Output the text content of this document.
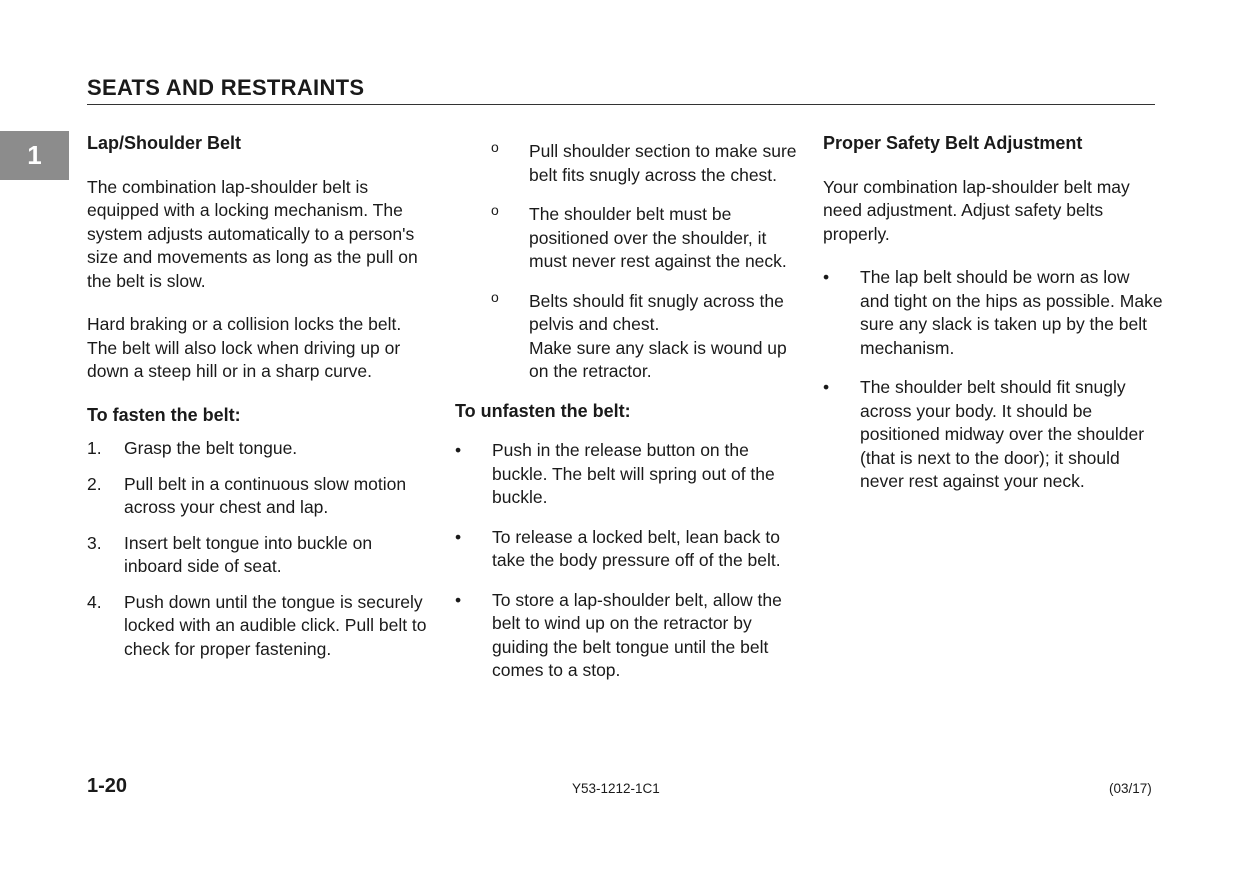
SEATS AND RESTRAINTS
1	Lap/Shoulder Belt
The combination lap-shoulder belt is equipped with a locking mechanism. The system adjusts automatically to a person's size and movements as long as the pull on the belt is slow.
Hard braking or a collision locks the belt. The belt will also lock when driving up or down a steep hill or in a sharp curve.
To fasten the belt:
1.	Grasp the belt tongue.
2.	Pull belt in a continuous slow motion across your chest and lap.
3.	Insert belt tongue into buckle on inboard side of seat.
4.	Push down until the tongue is securely locked with an audible click. Pull belt to check for proper fastening.
o	Pull shoulder section to make sure belt fits snugly across the chest.
o	The shoulder belt must be positioned over the shoulder, it must never rest against the neck.
o	Belts should fit snugly across the pelvis and chest.
Make sure any slack is wound up on the retractor.
To unfasten the belt:
•	Push in the release button on the buckle. The belt will spring out of the buckle.
•	To release a locked belt, lean back to take the body pressure off of the belt.
•	To store a lap-shoulder belt, allow the belt to wind up on the retractor by guiding the belt tongue until the belt comes to a stop.
Proper Safety Belt Adjustment
Your combination lap-shoulder belt may need adjustment. Adjust safety belts properly.
•	The lap belt should be worn as low and tight on the hips as possible. Make sure any slack is taken up by the belt mechanism.
•	The shoulder belt should fit snugly across your body. It should be positioned midway over the shoulder (that is next to the door); it should never rest against your neck.
1-20	Y53-1212-1C1	(03/17)
